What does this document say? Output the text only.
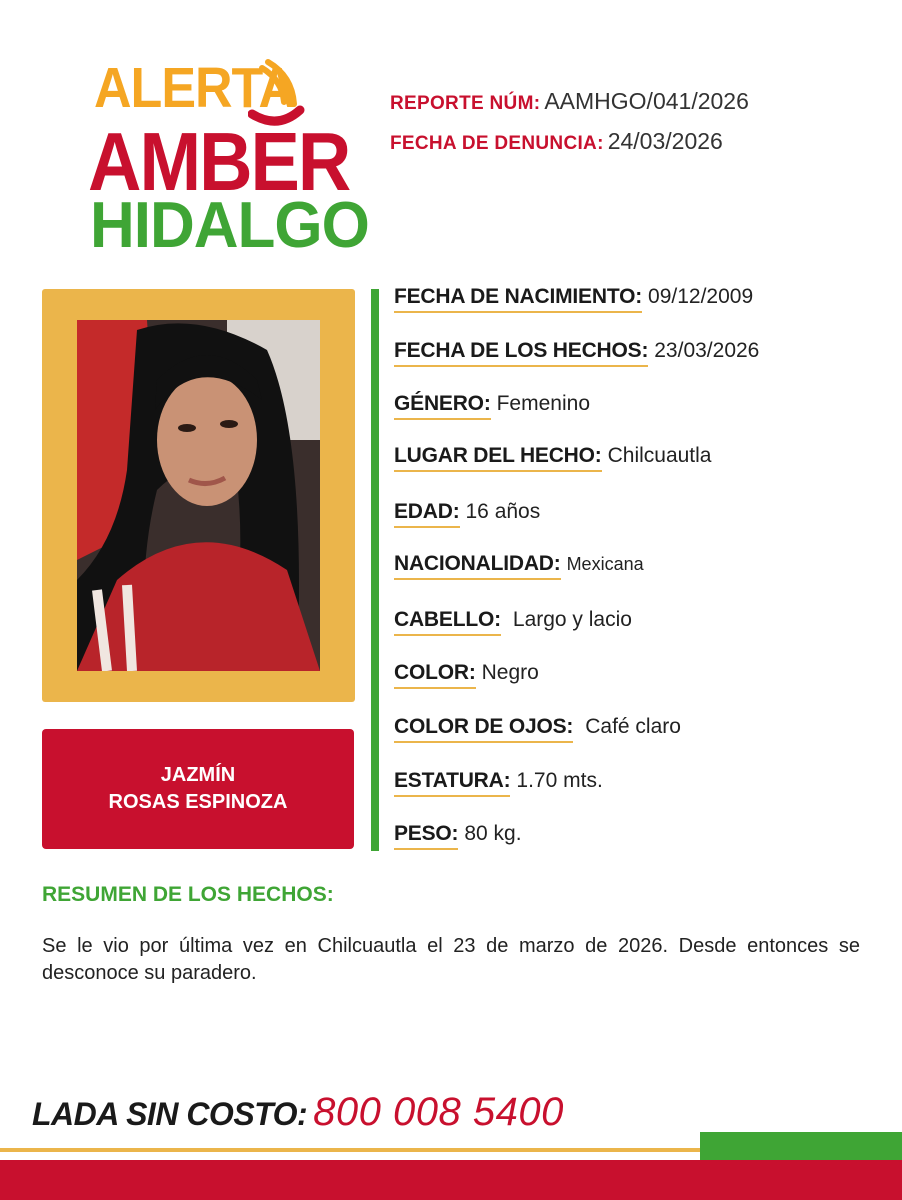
ALERTA
AMBER
HIDALGO
REPORTE NÚM: AAMHGO/041/2026
FECHA DE DENUNCIA: 24/03/2026
JAZMÍN
ROSAS ESPINOZA
FECHA DE NACIMIENTO: 09/12/2009
FECHA DE LOS HECHOS: 23/03/2026
GÉNERO: Femenino
LUGAR DEL HECHO: Chilcuautla
EDAD: 16 años
NACIONALIDAD: Mexicana
CABELLO: Largo y lacio
COLOR: Negro
COLOR DE OJOS: Café claro
ESTATURA: 1.70 mts.
PESO: 80 kg.
RESUMEN DE LOS HECHOS:
Se le vio por última vez en Chilcuautla el 23 de marzo de 2026. Desde entonces se desconoce su paradero.
LADA SIN COSTO: 800 008 5400
